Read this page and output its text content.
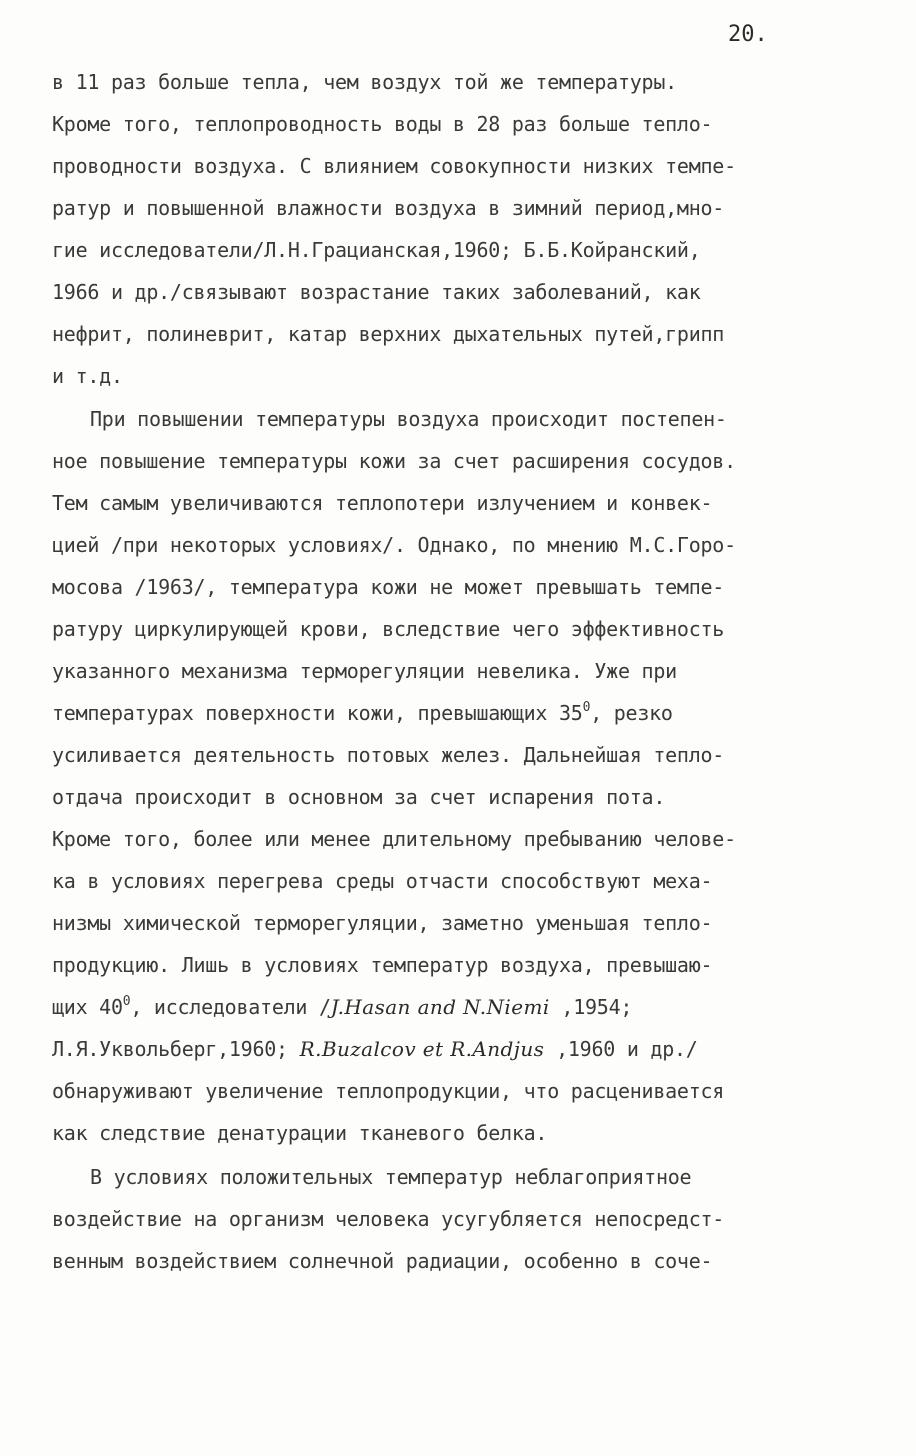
20.
в 11 раз больше тепла, чем воздух той же температуры.
Кроме того, теплопроводность воды в 28 раз больше тепло-
проводности воздуха. С влиянием совокупности низких темпе-
ратур и повышенной влажности воздуха в зимний период,мно-
гие исследователи/Л.Н.Грацианская,1960; Б.Б.Койранский,
1966 и др./связывают возрастание таких заболеваний, как
нефрит, полиневрит, катар верхних дыхательных путей,грипп
и т.д.
При повышении температуры воздуха происходит постепен-
ное повышение температуры кожи за счет расширения сосудов.
Тем самым увеличиваются теплопотери излучением и конвек-
цией /при некоторых условиях/. Однако, по мнению М.С.Горо-
мосова /1963/, температура кожи не может превышать темпе-
ратуру циркулирующей крови, вследствие чего эффективность
указанного механизма терморегуляции невелика. Уже при
температурах поверхности кожи, превышающих $35^0$, резко
усиливается деятельность потовых желез. Дальнейшая тепло-
отдача происходит в основном за счет испарения пота.
Кроме того, более или менее длительному пребыванию челове-
ка в условиях перегрева среды отчасти способствуют меха-
низмы химической терморегуляции, заметно уменьшая тепло-
продукцию. Лишь в условиях температур воздуха, превышаю-
щих $40^0$, исследователи /J.Hasan and N.Niemi ,1954;
Л.Я.Уквольберг,1960; R.Buzalcov et R.Andjus ,1960 и др./
обнаруживают увеличение теплопродукции, что расценивается
как следствие денатурации тканевого белка.
В условиях положительных температур неблагоприятное
воздействие на организм человека усугубляется непосредст-
венным воздействием солнечной радиации, особенно в соче-
